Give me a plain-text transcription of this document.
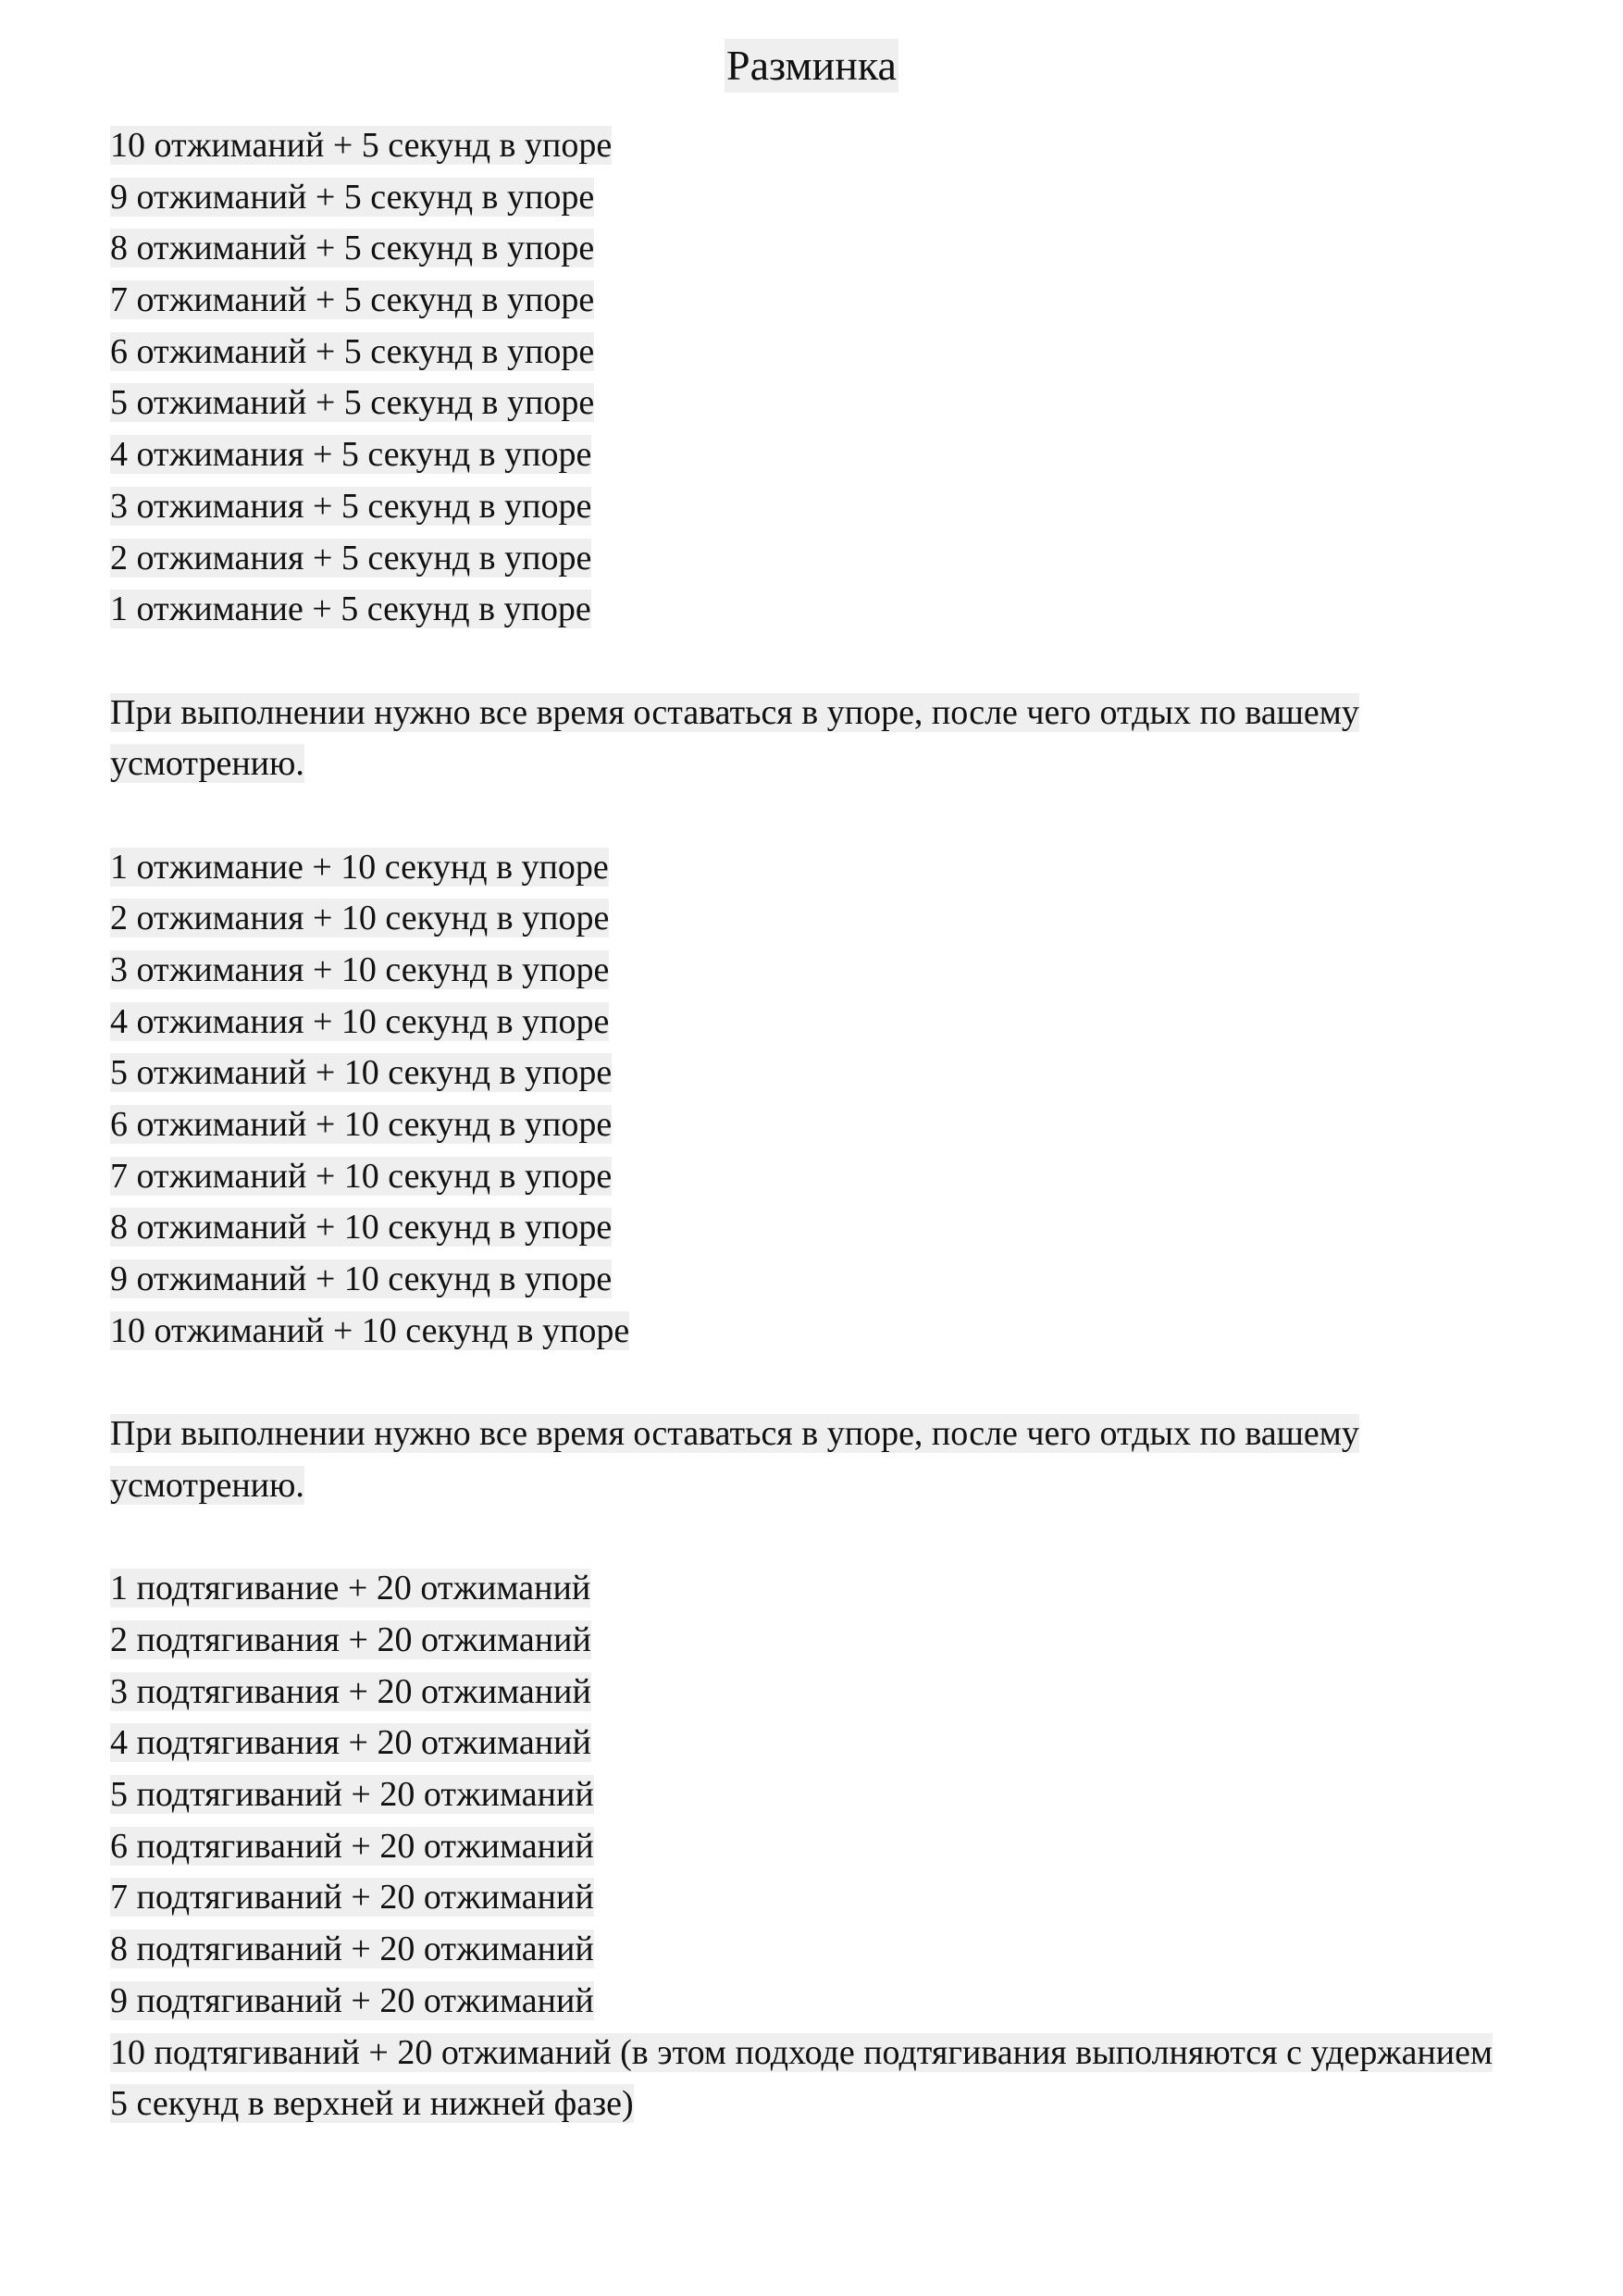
Разминка
10 отжиманий + 5 секунд в упоре
9 отжиманий + 5 секунд в упоре
8 отжиманий + 5 секунд в упоре
7 отжиманий + 5 секунд в упоре
6 отжиманий + 5 секунд в упоре
5 отжиманий + 5 секунд в упоре
4 отжимания + 5 секунд в упоре
3 отжимания + 5 секунд в упоре
2 отжимания + 5 секунд в упоре
1 отжимание + 5 секунд в упоре
При выполнении нужно все время оставаться в упоре, после чего отдых по вашему усмотрению.
1 отжимание + 10 секунд в упоре
2 отжимания + 10 секунд в упоре
3 отжимания + 10 секунд в упоре
4 отжимания + 10 секунд в упоре
5 отжиманий + 10 секунд в упоре
6 отжиманий + 10 секунд в упоре
7 отжиманий + 10 секунд в упоре
8 отжиманий + 10 секунд в упоре
9 отжиманий + 10 секунд в упоре
10 отжиманий + 10 секунд в упоре
При выполнении нужно все время оставаться в упоре, после чего отдых по вашему усмотрению.
1 подтягивание + 20 отжиманий
2 подтягивания + 20 отжиманий
3 подтягивания + 20 отжиманий
4 подтягивания + 20 отжиманий
5 подтягиваний + 20 отжиманий
6 подтягиваний + 20 отжиманий
7 подтягиваний + 20 отжиманий
8 подтягиваний + 20 отжиманий
9 подтягиваний + 20 отжиманий
10 подтягиваний + 20 отжиманий (в этом подходе подтягивания выполняются с удержанием 5 секунд в верхней и нижней фазе)
